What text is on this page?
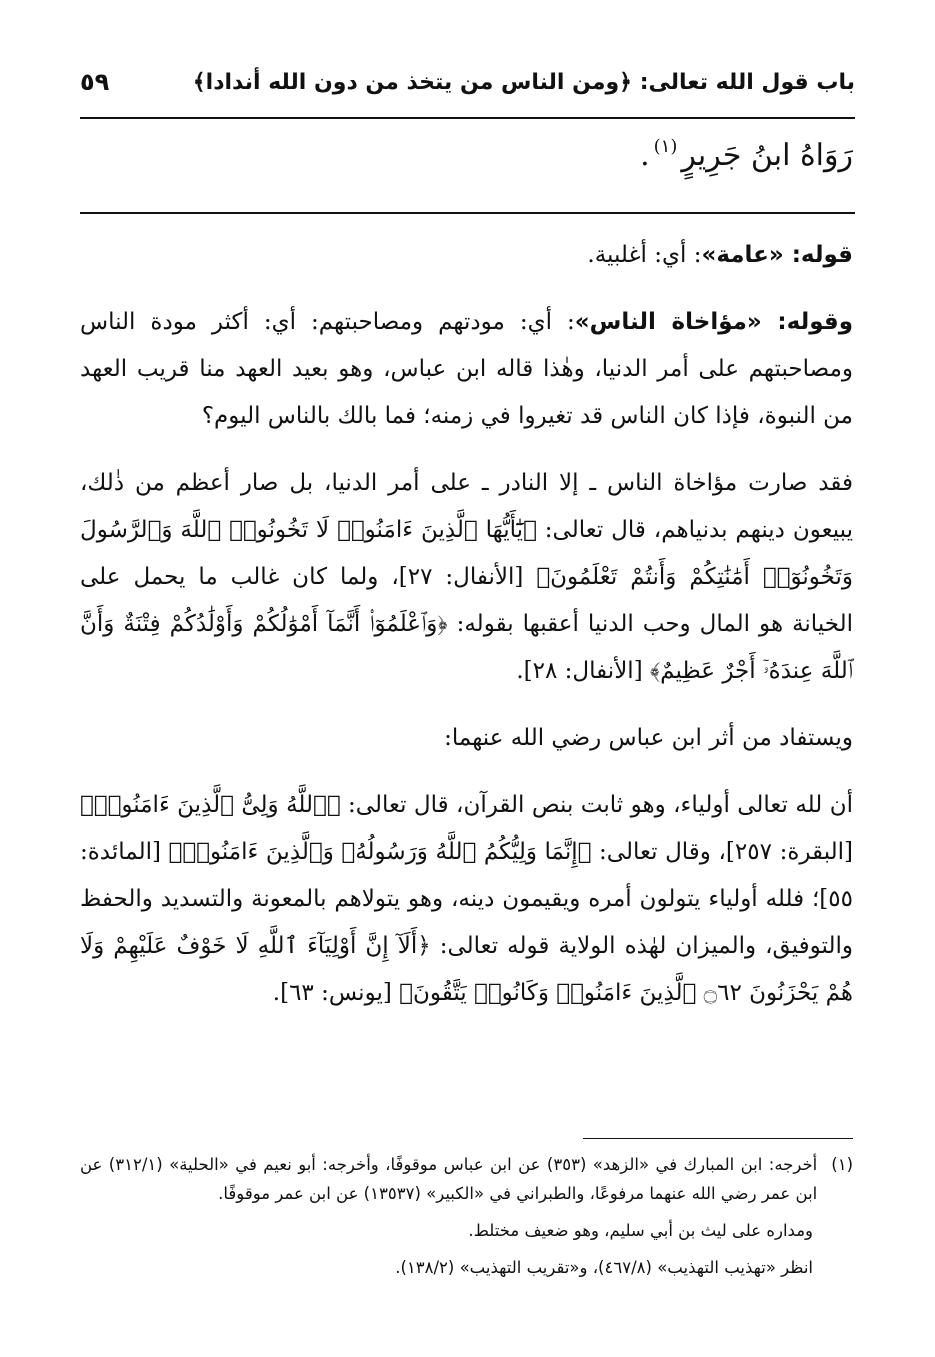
باب قول الله تعالى: ﴿ومن الناس من يتخذ من دون الله أندادا﴾
٥٩
رَوَاهُ ابنُ جَرِيرٍ
$^{(١)}$
.

قوله: «عامة»: أي: أغلبية.

وقوله: «مؤاخاة الناس»: أي: مودتهم ومصاحبتهم: أي: أكثر مودة الناس ومصاحبتهم على أمر الدنيا، وهٰذا قاله ابن عباس، وهو بعيد العهد منا قريب العهد من النبوة، فإذا كان الناس قد تغيروا في زمنه؛ فما بالك بالناس اليوم؟

فقد صارت مؤاخاة الناس ـ إلا النادر ـ على أمر الدنيا، بل صار أعظم من ذٰلك، يبيعون دينهم بدنياهم، قال تعالى: ﴿يَٰٓأَيُّهَا ٱلَّذِينَ ءَامَنُوا۟ لَا تَخُونُوا۟ ٱللَّهَ وَٱلرَّسُولَ وَتَخُونُوٓا۟ أَمَٰنَٰتِكُمْ وَأَنتُمْ تَعْلَمُونَ﴾ [الأنفال: ٢٧]، ولما كان غالب ما يحمل على الخيانة هو المال وحب الدنيا أعقبها بقوله: ﴿وَٱعْلَمُوٓا۟ أَنَّمَآ أَمْوَٰلُكُمْ وَأَوْلَٰدُكُمْ فِتْنَةٌ وَأَنَّ ٱللَّهَ عِندَهُۥٓ أَجْرٌ عَظِيمٌ﴾ [الأنفال: ٢٨].

ويستفاد من أثر ابن عباس رضي الله عنهما:

أن لله تعالى أولياء، وهو ثابت بنص القرآن، قال تعالى: ﴿ٱللَّهُ وَلِىُّ ٱلَّذِينَ ءَامَنُوا۟﴾ [البقرة: ٢٥٧]، وقال تعالى: ﴿إِنَّمَا وَلِيُّكُمُ ٱللَّهُ وَرَسُولُهُۥ وَٱلَّذِينَ ءَامَنُوا۟﴾ [المائدة: ٥٥]؛ فلله أولياء يتولون أمره ويقيمون دينه، وهو يتولاهم بالمعونة والتسديد والحفظ والتوفيق، والميزان لهٰذه الولاية قوله تعالى: ﴿أَلَآ إِنَّ أَوْلِيَآءَ ٱللَّهِ لَا خَوْفٌ عَلَيْهِمْ وَلَا هُمْ يَحْزَنُونَ ۝٦٢ ٱلَّذِينَ ءَامَنُوا۟ وَكَانُوا۟ يَتَّقُونَ﴾ [يونس: ٦٣].

(١)

أخرجه: ابن المبارك في «الزهد» (٣٥٣) عن ابن عباس موقوفًا، وأخرجه: أبو نعيم في «الحلية» (٣١٢/١) عن ابن عمر رضي الله عنهما مرفوعًا، والطبراني في «الكبير» (١٣٥٣٧) عن ابن عمر موقوفًا.

ومداره على ليث بن أبي سليم، وهو ضعيف مختلط.

انظر «تهذيب التهذيب» (٤٦٧/٨)، و«تقريب التهذيب» (١٣٨/٢).
